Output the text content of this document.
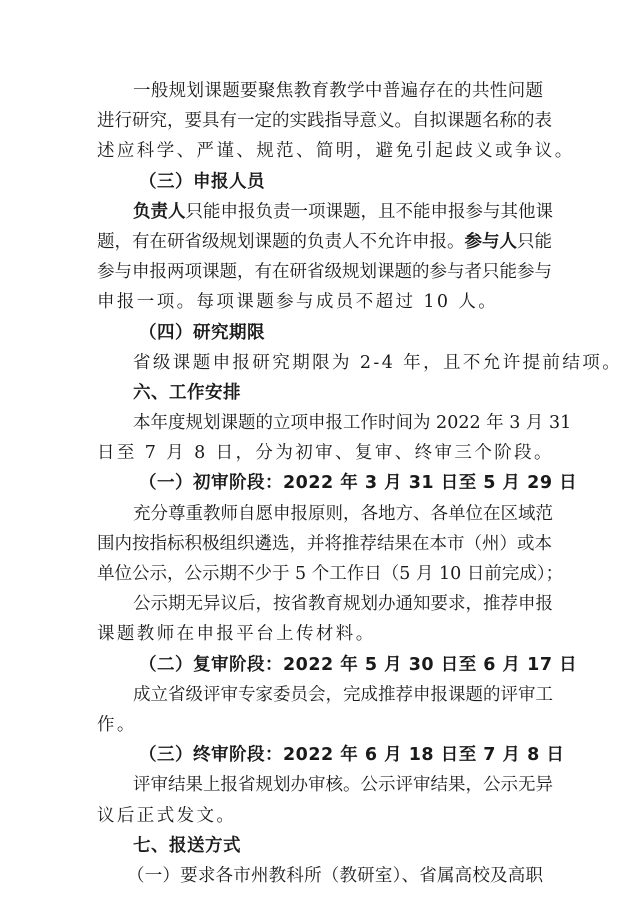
一般规划课题要聚焦教育教学中普遍存在的共性问题
进行研究，要具有一定的实践指导意义。自拟课题名称的表
述应科学、严谨、规范、简明，避免引起歧义或争议。
（三）申报人员
负责人只能申报负责一项课题，且不能申报参与其他课
题，有在研省级规划课题的负责人不允许申报。参与人只能
参与申报两项课题，有在研省级规划课题的参与者只能参与
申报一项。每项课题参与成员不超过 10 人。
（四）研究期限
省级课题申报研究期限为 2-4 年，且不允许提前结项。
六、工作安排
本年度规划课题的立项申报工作时间为 2022 年 3 月 31
日至 7 月 8 日，分为初审、复审、终审三个阶段。
（一）初审阶段：2022 年 3 月 31 日至 5 月 29 日
充分尊重教师自愿申报原则，各地方、各单位在区域范
围内按指标积极组织遴选，并将推荐结果在本市（州）或本
单位公示，公示期不少于 5 个工作日（5 月 10 日前完成）；
公示期无异议后，按省教育规划办通知要求，推荐申报
课题教师在申报平台上传材料。
（二）复审阶段：2022 年 5 月 30 日至 6 月 17 日
成立省级评审专家委员会，完成推荐申报课题的评审工
作。
（三）终审阶段：2022 年 6 月 18 日至 7 月 8 日
评审结果上报省规划办审核。公示评审结果，公示无异
议后正式发文。
七、报送方式
（一）要求各市州教科所（教研室）、省属高校及高职
